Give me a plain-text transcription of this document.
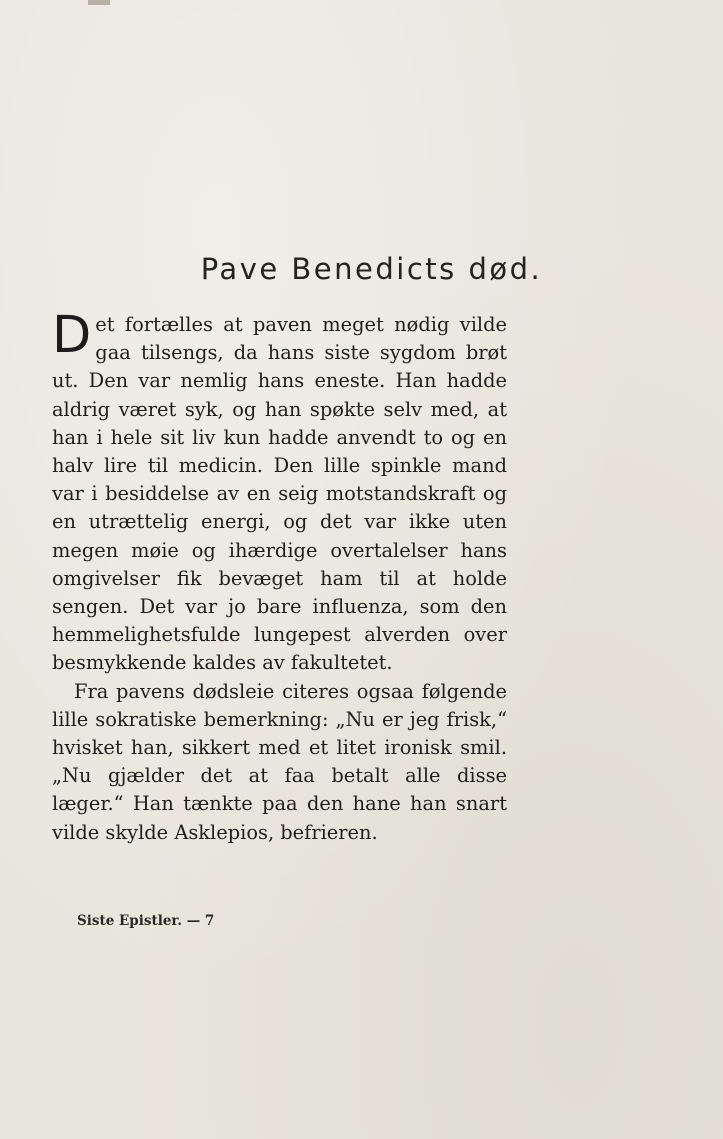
Pave Benedicts død.

Det fortælles at paven meget nødig vilde gaa tilsengs, da hans siste sygdom brøt ut. Den var nemlig hans eneste. Han hadde aldrig været syk, og han spøkte selv med, at han i hele sit liv kun hadde anvendt to og en halv lire til medicin. Den lille spinkle mand var i besiddelse av en seig motstandskraft og en utrættelig energi, og det var ikke uten megen møie og ihærdige overtalelser hans omgivelser fik bevæget ham til at holde sengen. Det var jo bare influenza, som den hemmelighetsfulde lungepest alverden over besmykkende kaldes av fakultetet.

Fra pavens dødsleie citeres ogsaa følgende lille sokratiske bemerkning: „Nu er jeg frisk,“ hvisket han, sikkert med et litet ironisk smil. „Nu gjælder det at faa betalt alle disse læger.“ Han tænkte paa den hane han snart vilde skylde Asklepios, befrieren.

Siste Epistler. — 7
